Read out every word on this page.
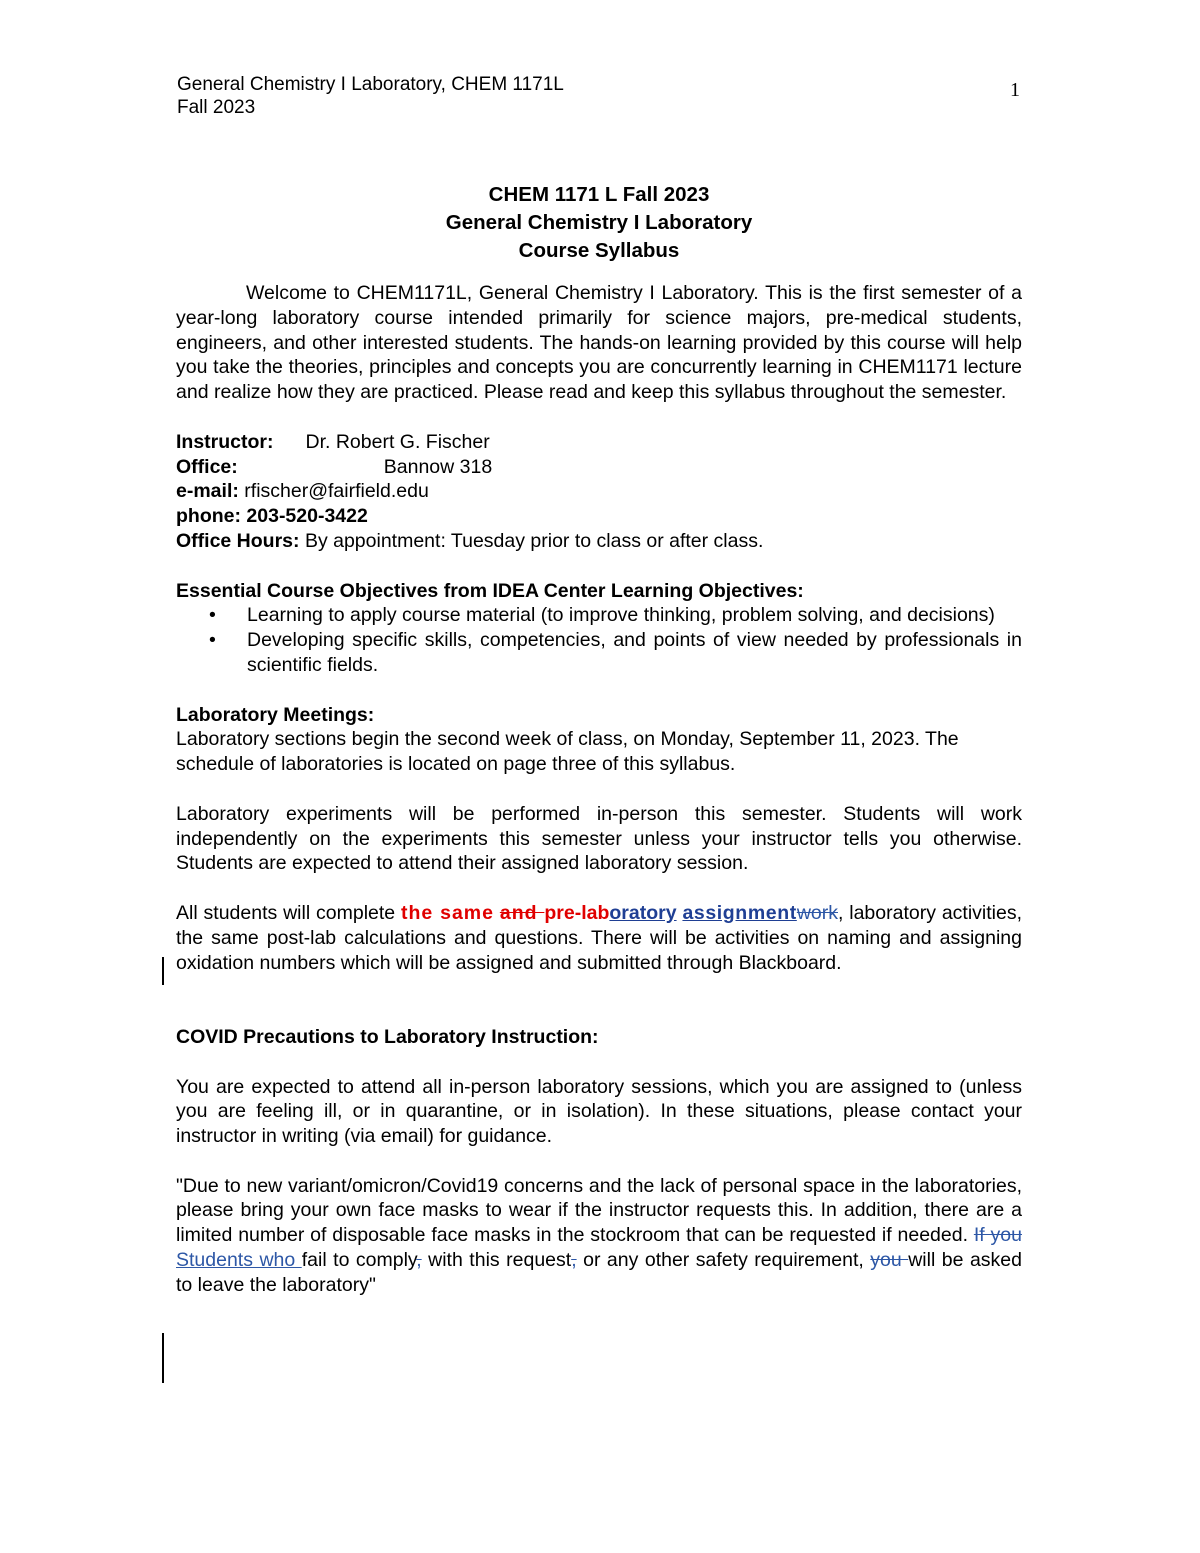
General Chemistry I Laboratory, CHEM 1171L
Fall 2023
1
CHEM 1171 L Fall 2023
General Chemistry I Laboratory
Course Syllabus

Welcome to CHEM1171L, General Chemistry I Laboratory. This is the first semester of a year-long laboratory course intended primarily for science majors, pre-medical students, engineers, and other interested students. The hands-on learning provided by this course will help you take the theories, principles and concepts you are concurrently learning in CHEM1171 lecture and realize how they are practiced. Please read and keep this syllabus throughout the semester.

Instructor: Dr. Robert G. Fischer
Office:	Bannow 318
e-mail: rfischer@fairfield.edu
phone: 203-520-3422
Office Hours: By appointment: Tuesday prior to class or after class.
Essential Course Objectives from IDEA Center Learning Objectives:
• Learning to apply course material (to improve thinking, problem solving, and decisions)
• Developing specific skills, competencies, and points of view needed by professionals in scientific fields.
Laboratory Meetings:

Laboratory sections begin the second week of class, on Monday, September 11, 2023. The schedule of laboratories is located on page three of this syllabus.

Laboratory experiments will be performed in-person this semester. Students will work independently on the experiments this semester unless your instructor tells you otherwise. Students are expected to attend their assigned laboratory session.

All students will complete the same and pre-laboratory assignmentwork, laboratory activities, the same post-lab calculations and questions. There will be activities on naming and assigning oxidation numbers which will be assigned and submitted through Blackboard.

COVID Precautions to Laboratory Instruction:

You are expected to attend all in-person laboratory sessions, which you are assigned to (unless you are feeling ill, or in quarantine, or in isolation). In these situations, please contact your instructor in writing (via email) for guidance.

"Due to new variant/omicron/Covid19 concerns and the lack of personal space in the laboratories, please bring your own face masks to wear if the instructor requests this. In addition, there are a limited number of disposable face masks in the stockroom that can be requested if needed. If you Students who fail to comply, with this request, or any other safety requirement, you will be asked to leave the laboratory"
